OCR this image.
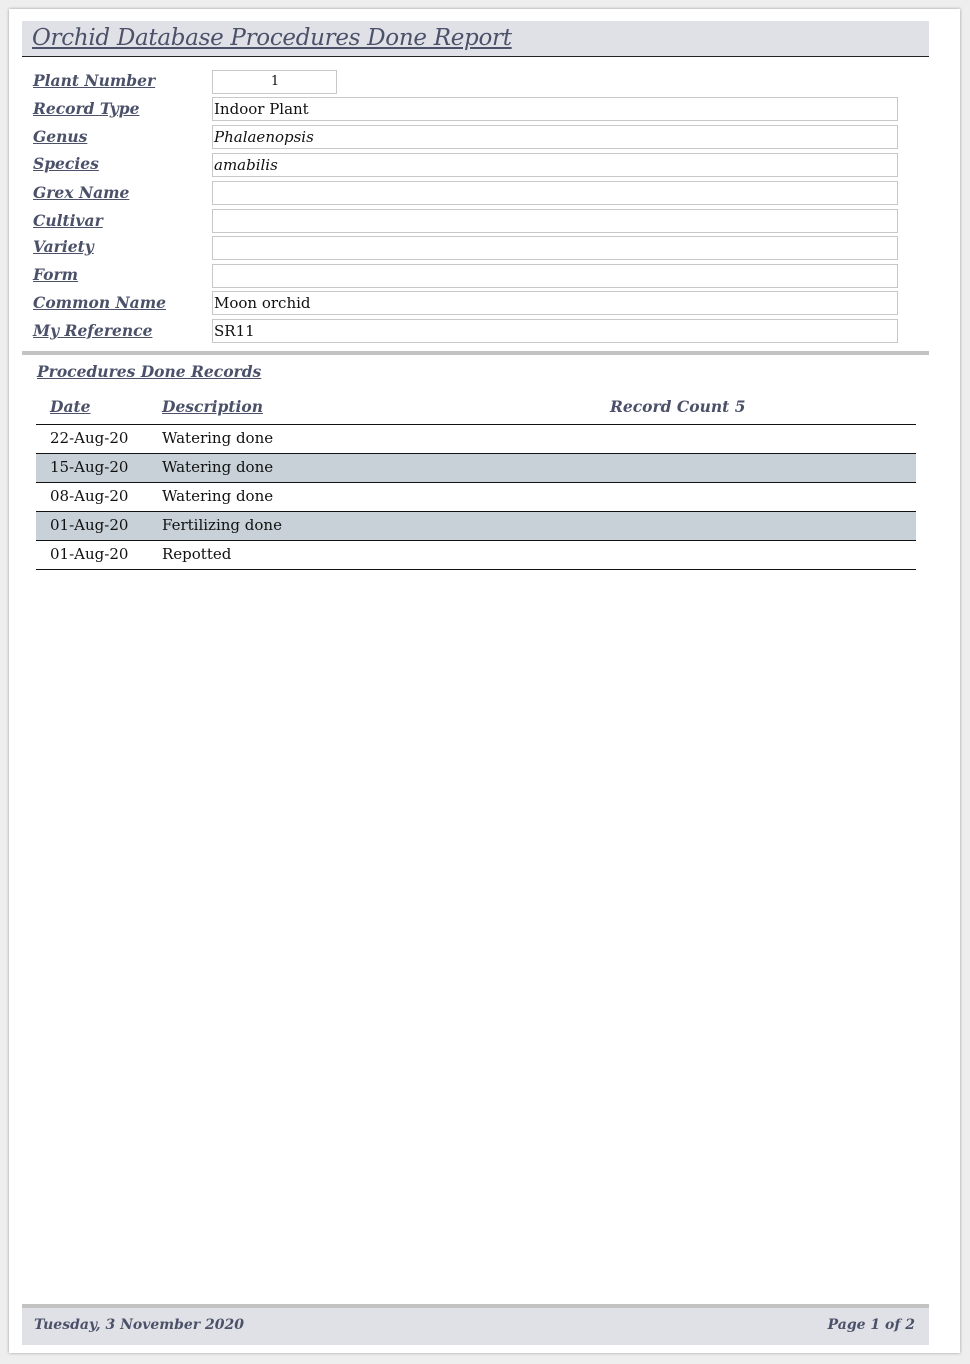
Orchid Database Procedures Done Report
Plant Number	1
Record Type	Indoor Plant
Genus	Phalaenopsis
Species	amabilis
Grex Name
Cultivar
Variety
Form
Common Name	Moon orchid
My Reference	SR11
Procedures Done Records
Date	Description	Record Count 5
22-Aug-20 Watering done
15-Aug-20 Watering done
08-Aug-20 Watering done
01-Aug-20 Fertilizing done
01-Aug-20 Repotted
Tuesday, 3 November 2020	Page 1 of 2
